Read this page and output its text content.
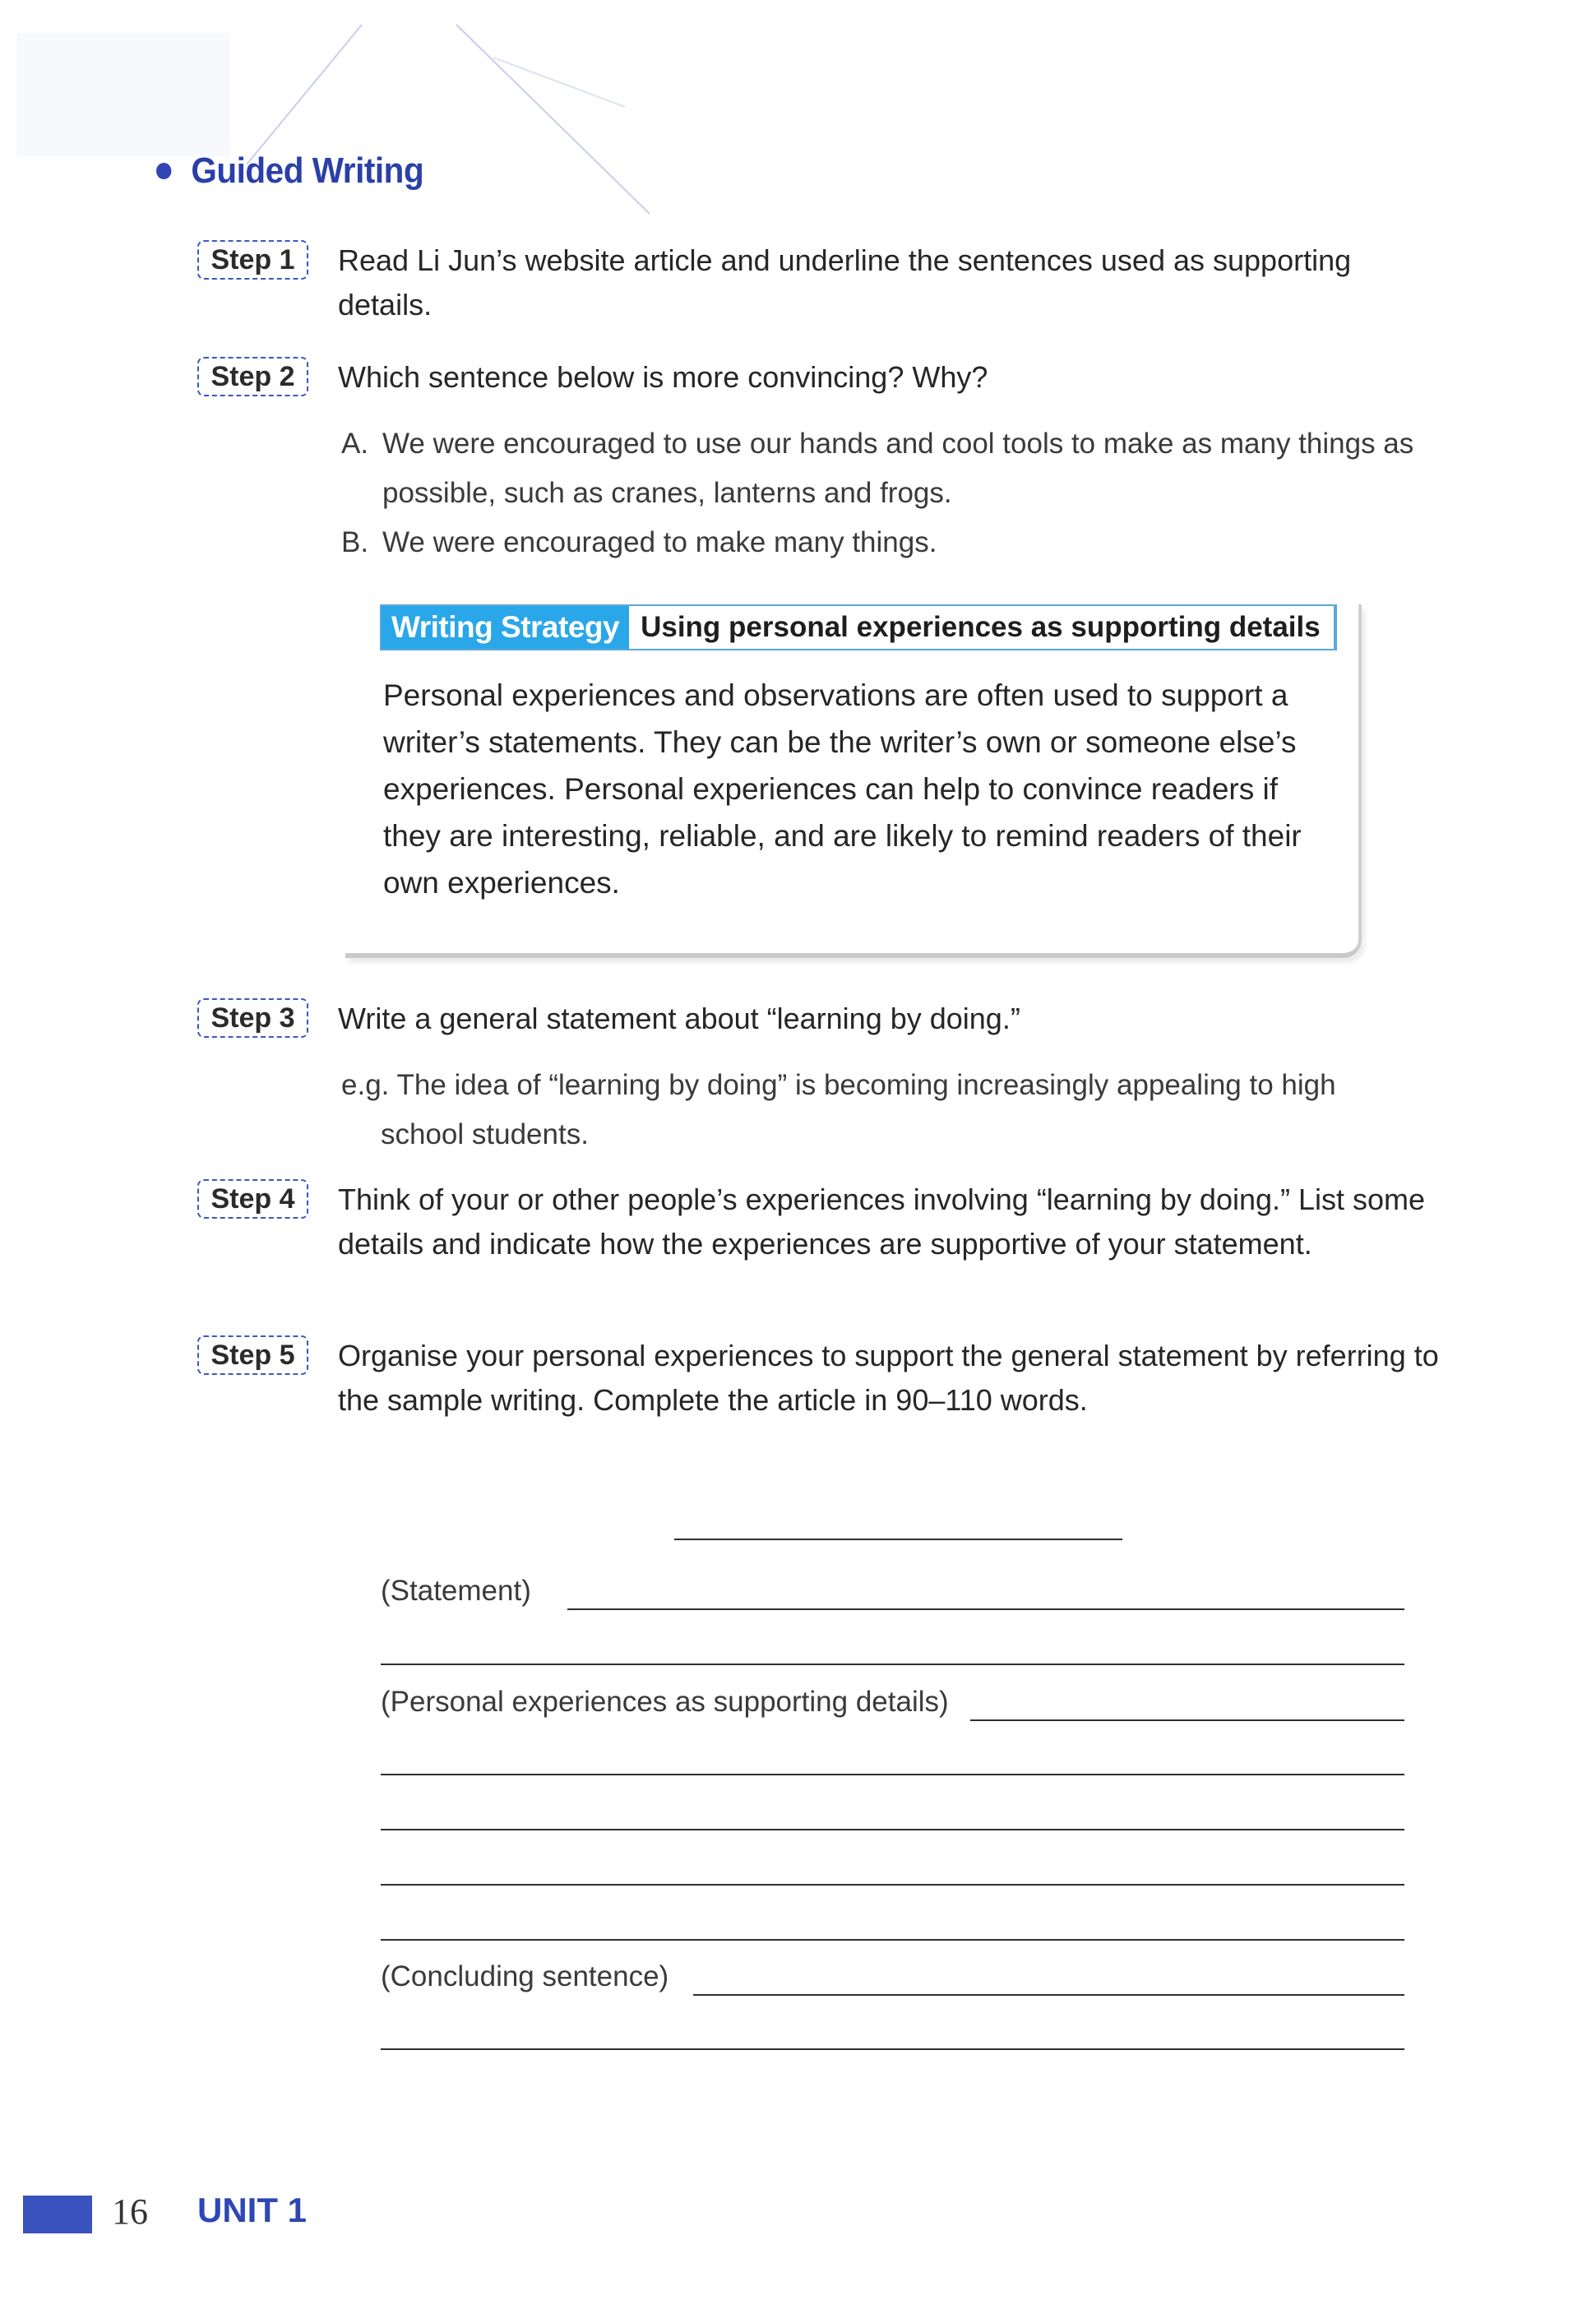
Guided Writing
Step 1	Read Li Jun’s website article and underline the sentences used as supporting details.
Step 2	Which sentence below is more convincing? Why?
A. We were encouraged to use our hands and cool tools to make as many things as possible, such as cranes, lanterns and frogs.
B. We were encouraged to make many things.
Writing Strategy Using personal experiences as supporting details
Personal experiences and observations are often used to support a writer’s statements. They can be the writer’s own or someone else’s experiences. Personal experiences can help to convince readers if they are interesting, reliable, and are likely to remind readers of their own experiences.
Step 3	Write a general statement about “learning by doing.”
e.g. The idea of “learning by doing” is becoming increasingly appealing to high
school students.
Step 4	Think of your or other people’s experiences involving “learning by doing.” List some details and indicate how the experiences are supportive of your statement.
Step 5	Organise your personal experiences to support the general statement by referring to the sample writing. Complete the article in 90–110 words.
(Statement)
(Personal experiences as supporting details)
(Concluding sentence)
16 UNIT 1
